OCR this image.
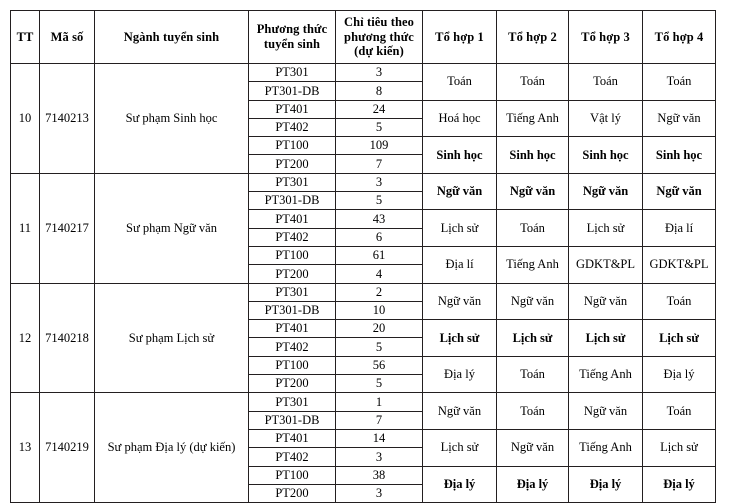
TT	Mã số	Ngành tuyển sinh	Phương thức tuyển sinh	Chỉ tiêu theo phương thức (dự kiến)	Tổ hợp 1	Tổ hợp 2	Tổ hợp 3	Tổ hợp 4
10	7140213	Sư phạm Sinh học	PT301	3	Toán	Toán	Toán	Toán
			PT301-DB	8				
			PT401	24	Hoá học	Tiếng Anh	Vật lý	Ngữ văn
			PT402	5				
			PT100	109	Sinh học	Sinh học	Sinh học	Sinh học
			PT200	7				
11	7140217	Sư phạm Ngữ văn	PT301	3	Ngữ văn	Ngữ văn	Ngữ văn	Ngữ văn
			PT301-DB	5				
			PT401	43	Lịch sử	Toán	Lịch sử	Địa lí
			PT402	6				
			PT100	61	Địa lí	Tiếng Anh	GDKT&PL	GDKT&PL
			PT200	4				
12	7140218	Sư phạm Lịch sử	PT301	2	Ngữ văn	Ngữ văn	Ngữ văn	Toán
			PT301-DB	10				
			PT401	20	Lịch sử	Lịch sử	Lịch sử	Lịch sử
			PT402	5				
			PT100	56	Địa lý	Toán	Tiếng Anh	Địa lý
			PT200	5				
13	7140219	Sư phạm Địa lý (dự kiến)	PT301	1	Ngữ văn	Toán	Ngữ văn	Toán
			PT301-DB	7				
			PT401	14	Lịch sử	Ngữ văn	Tiếng Anh	Lịch sử
			PT402	3				
			PT100	38	Địa lý	Địa lý	Địa lý	Địa lý
			PT200	3				
